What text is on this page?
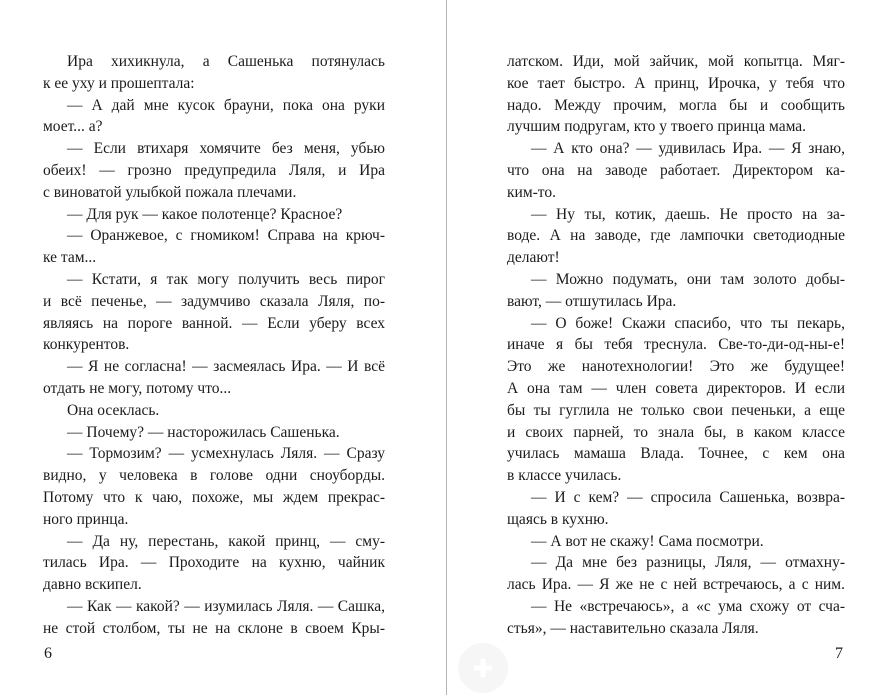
Ира хихикнула, а Сашенька потянулась
к ее уху и прошептала:
— А дай мне кусок брауни, пока она руки
моет... а?
— Если втихаря хомячите без меня, убью
обеих! — грозно предупредила Ляля, и Ира
с виноватой улыбкой пожала плечами.
— Для рук — какое полотенце? Красное?
— Оранжевое, с гномиком! Справа на крюч-
ке там...
— Кстати, я так могу получить весь пирог
и всё печенье, — задумчиво сказала Ляля, по-
являясь на пороге ванной. — Если уберу всех
конкурентов.
— Я не согласна! — засмеялась Ира. — И всё
отдать не могу, потому что...
Она осеклась.
— Почему? — насторожилась Сашенька.
— Тормозим? — усмехнулась Ляля. — Сразу
видно, у человека в голове одни сноуборды.
Потому что к чаю, похоже, мы ждем прекрас-
ного принца.
— Да ну, перестань, какой принц, — сму-
тилась Ира. — Проходите на кухню, чайник
давно вскипел.
— Как — какой? — изумилась Ляля. — Сашка,
не стой столбом, ты не на склоне в своем Кры-
6
латском. Иди, мой зайчик, мой копытца. Мяг-
кое тает быстро. А принц, Ирочка, у тебя что
надо. Между прочим, могла бы и сообщить
лучшим подругам, кто у твоего принца мама.
— А кто она? — удивилась Ира. — Я знаю,
что она на заводе работает. Директором ка-
ким-то.
— Ну ты, котик, даешь. Не просто на за-
воде. А на заводе, где лампочки светодиодные
делают!
— Можно подумать, они там золото добы-
вают, — отшутилась Ира.
— О боже! Скажи спасибо, что ты пекарь,
иначе я бы тебя треснула. Све-то-ди-од-ны-е!
Это же нанотехнологии! Это же будущее!
А она там — член совета директоров. И если
бы ты гуглила не только свои печеньки, а еще
и своих парней, то знала бы, в каком классе
училась мамаша Влада. Точнее, с кем она
в классе училась.
— И с кем? — спросила Сашенька, возвра-
щаясь в кухню.
— А вот не скажу! Сама посмотри.
— Да мне без разницы, Ляля, — отмахну-
лась Ира. — Я же не с ней встречаюсь, а с ним.
— Не «встречаюсь», а «с ума схожу от сча-
стья», — наставительно сказала Ляля.
7
